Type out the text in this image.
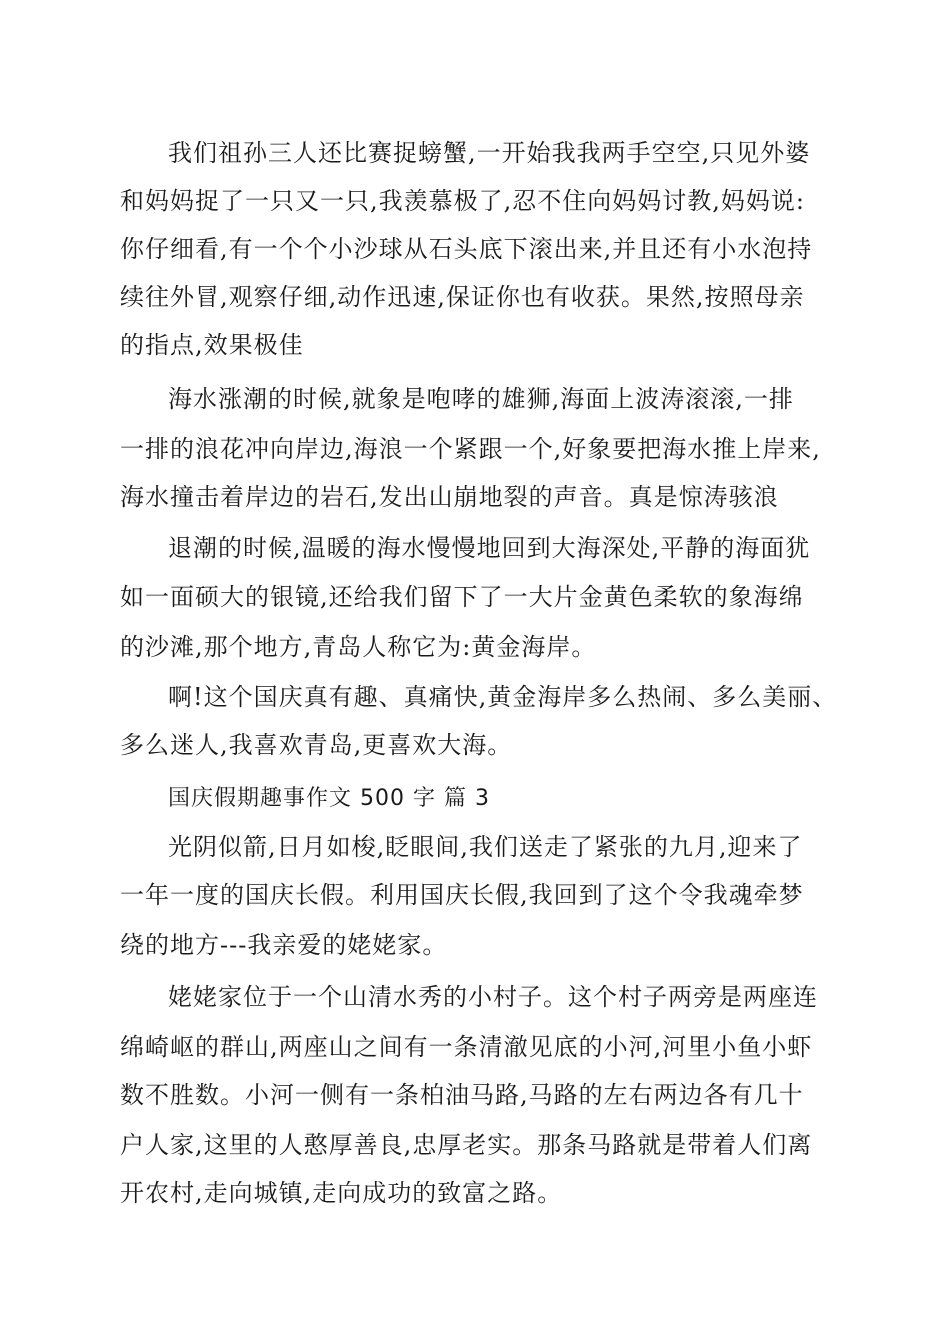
我们祖孙三人还比赛捉螃蟹,一开始我我两手空空,只见外婆
和妈妈捉了一只又一只,我羡慕极了,忍不住向妈妈讨教,妈妈说:
你仔细看,有一个个小沙球从石头底下滚出来,并且还有小水泡持
续往外冒,观察仔细,动作迅速,保证你也有收获。果然,按照母亲
的指点,效果极佳
海水涨潮的时候,就象是咆哮的雄狮,海面上波涛滚滚,一排
一排的浪花冲向岸边,海浪一个紧跟一个,好象要把海水推上岸来,
海水撞击着岸边的岩石,发出山崩地裂的声音。真是惊涛骇浪
退潮的时候,温暖的海水慢慢地回到大海深处,平静的海面犹
如一面硕大的银镜,还给我们留下了一大片金黄色柔软的象海绵
的沙滩,那个地方,青岛人称它为:黄金海岸。
啊!这个国庆真有趣、真痛快,黄金海岸多么热闹、多么美丽、
多么迷人,我喜欢青岛,更喜欢大海。
国庆假期趣事作文 500 字 篇 3
光阴似箭,日月如梭,眨眼间,我们送走了紧张的九月,迎来了
一年一度的国庆长假。利用国庆长假,我回到了这个令我魂牵梦
绕的地方---我亲爱的姥姥家。
姥姥家位于一个山清水秀的小村子。这个村子两旁是两座连
绵崎岖的群山,两座山之间有一条清澈见底的小河,河里小鱼小虾
数不胜数。小河一侧有一条柏油马路,马路的左右两边各有几十
户人家,这里的人憨厚善良,忠厚老实。那条马路就是带着人们离
开农村,走向城镇,走向成功的致富之路。
